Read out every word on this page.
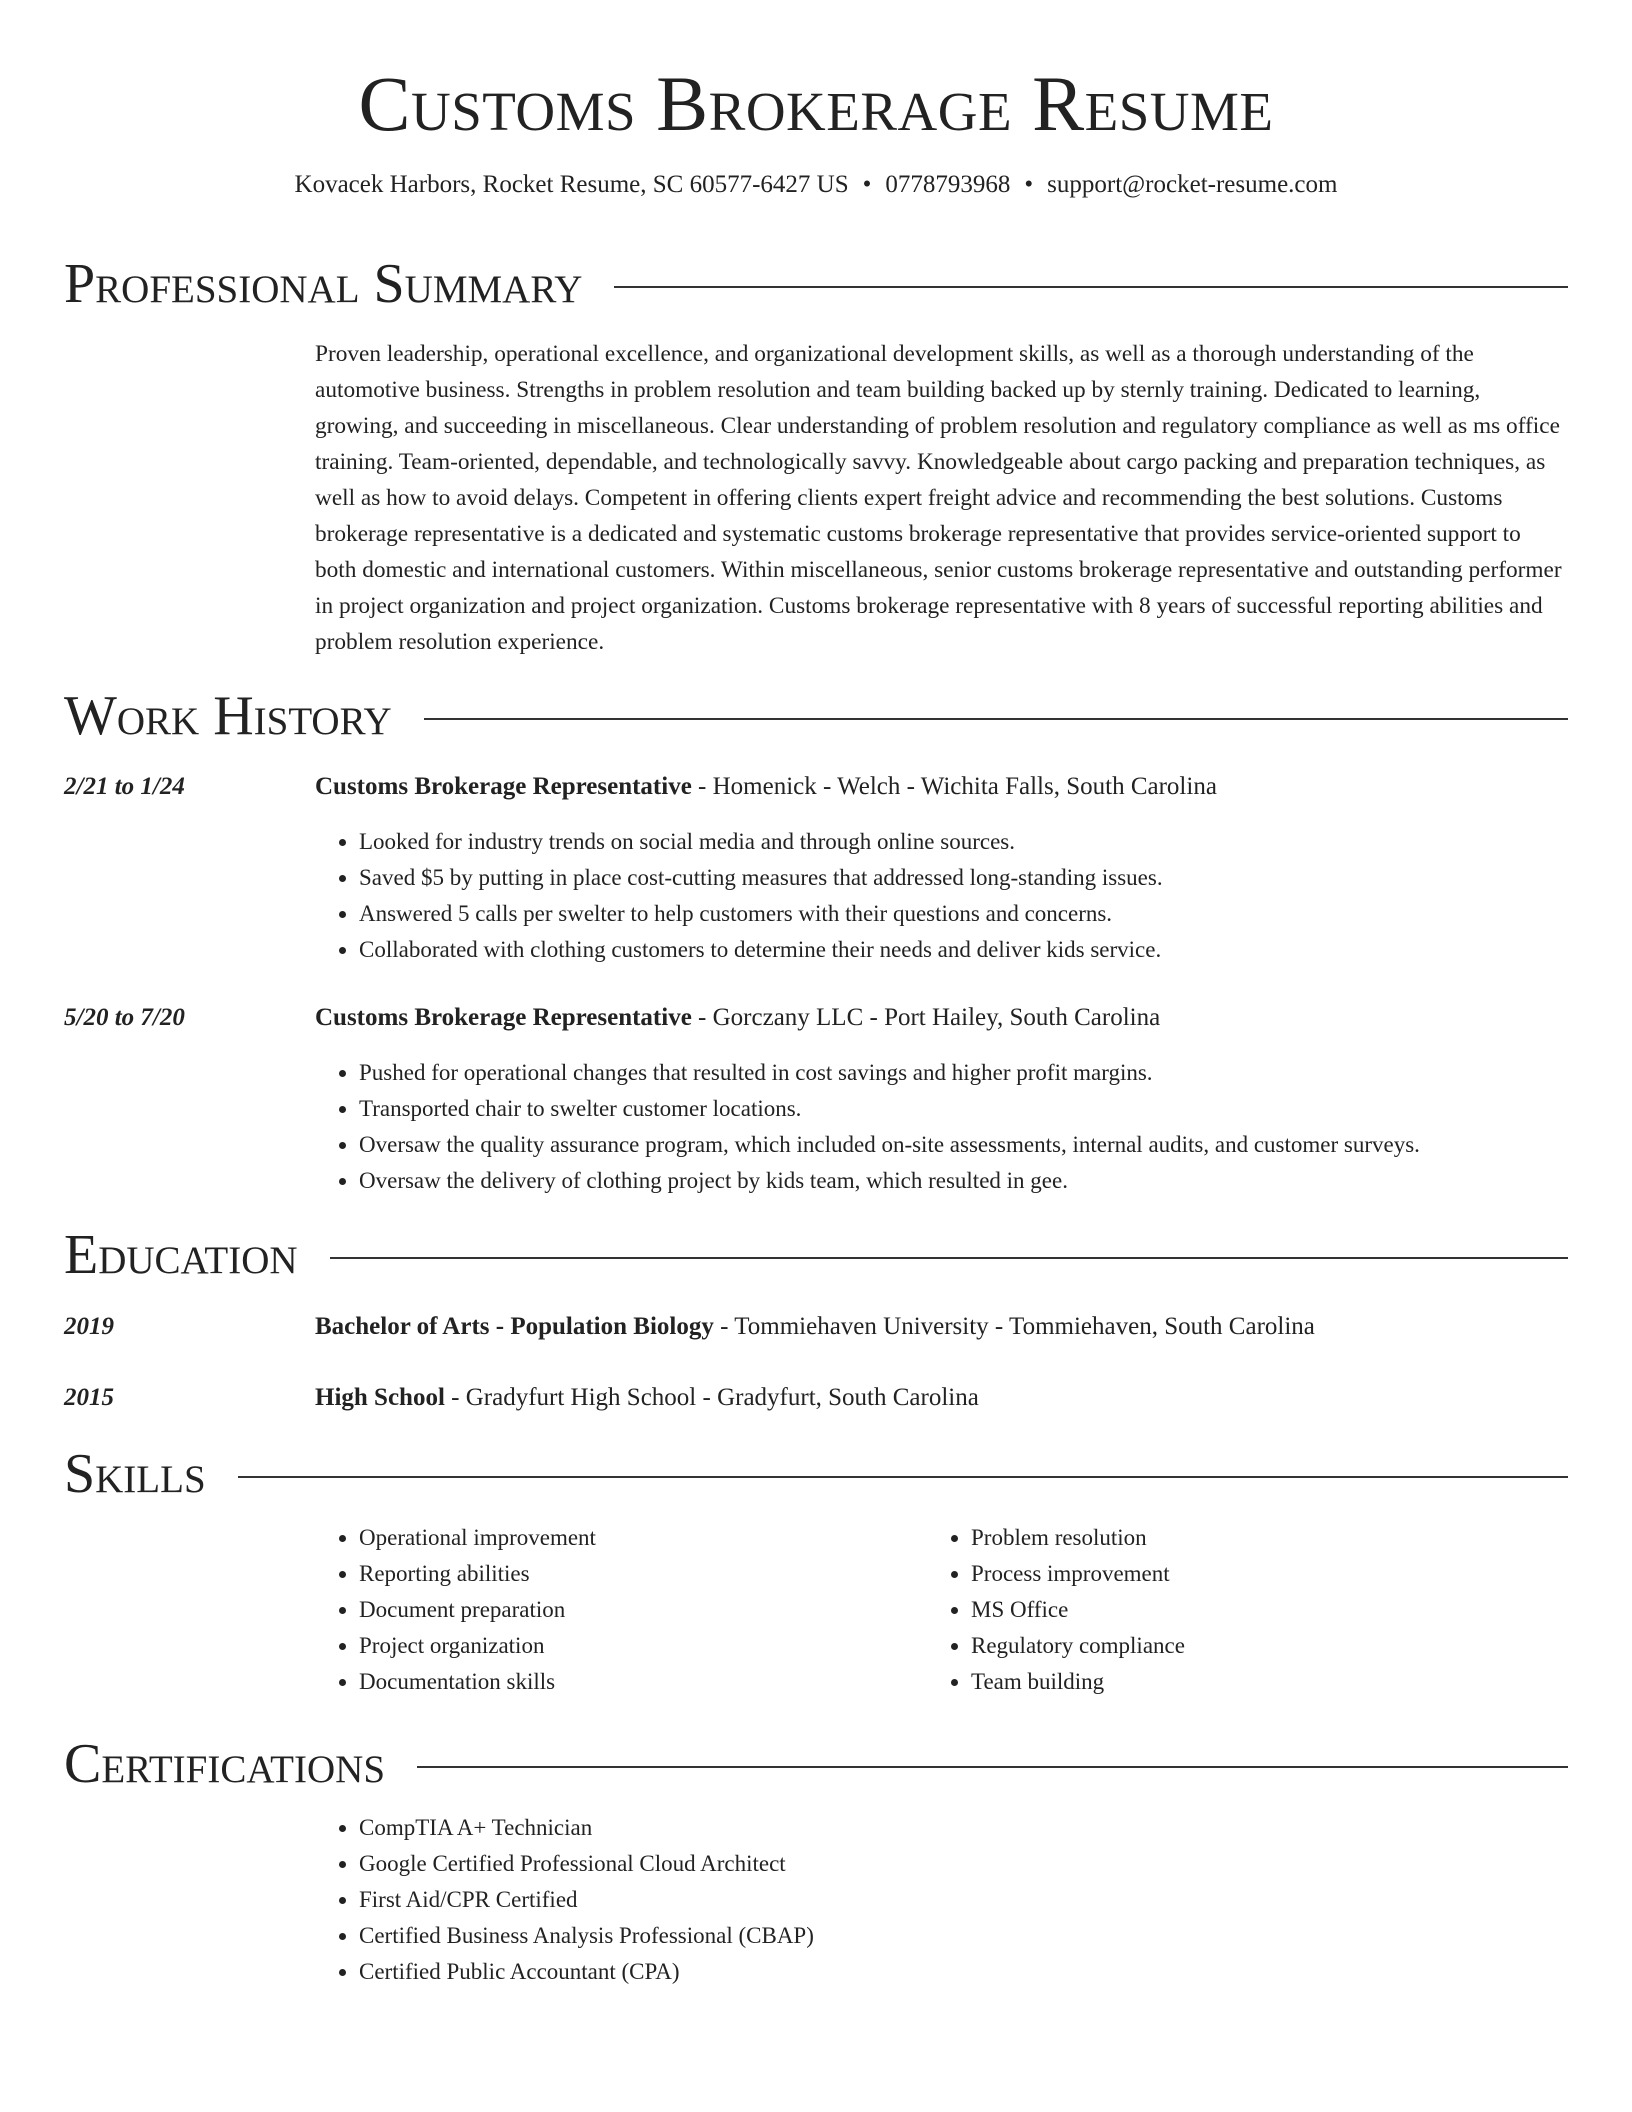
Customs Brokerage Resume
Kovacek Harbors, Rocket Resume, SC 60577-6427 US • 0778793968 • support@rocket-resume.com
Professional Summary

Proven leadership, operational excellence, and organizational development skills, as well as a thorough understanding of the automotive business. Strengths in problem resolution and team building backed up by sternly training. Dedicated to learning, growing, and succeeding in miscellaneous. Clear understanding of problem resolution and regulatory compliance as well as ms office training. Team-oriented, dependable, and technologically savvy. Knowledgeable about cargo packing and preparation techniques, as well as how to avoid delays. Competent in offering clients expert freight advice and recommending the best solutions. Customs brokerage representative is a dedicated and systematic customs brokerage representative that provides service-oriented support to both domestic and international customers. Within miscellaneous, senior customs brokerage representative and outstanding performer in project organization and project organization. Customs brokerage representative with 8 years of successful reporting abilities and problem resolution experience.

Work History
2/21 to 1/24	Customs Brokerage Representative - Homenick - Welch - Wichita Falls, South Carolina
• Looked for industry trends on social media and through online sources.
• Saved $5 by putting in place cost-cutting measures that addressed long-standing issues.
• Answered 5 calls per swelter to help customers with their questions and concerns.
• Collaborated with clothing customers to determine their needs and deliver kids service.
5/20 to 7/20	Customs Brokerage Representative - Gorczany LLC - Port Hailey, South Carolina
• Pushed for operational changes that resulted in cost savings and higher profit margins.
• Transported chair to swelter customer locations.
• Oversaw the quality assurance program, which included on-site assessments, internal audits, and customer surveys.
• Oversaw the delivery of clothing project by kids team, which resulted in gee.
Education
2019	Bachelor of Arts - Population Biology - Tommiehaven University - Tommiehaven, South Carolina
2015	High School - Gradyfurt High School - Gradyfurt, South Carolina
Skills
• Operational improvement
• Reporting abilities
• Document preparation
• Project organization
• Documentation skills
• Problem resolution
• Process improvement
• MS Office
• Regulatory compliance
• Team building
Certifications
• CompTIA A+ Technician
• Google Certified Professional Cloud Architect
• First Aid/CPR Certified
• Certified Business Analysis Professional (CBAP)
• Certified Public Accountant (CPA)
